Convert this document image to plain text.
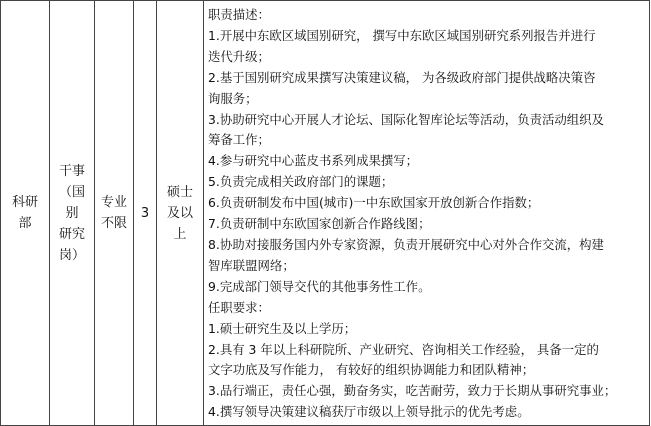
科研
部

干事
（国别
研究
岗）

专业
不限

3

硕士
及以
上

职责描述：
1.开展中东欧区域国别研究， 撰写中东欧区域国别研究系列报告并进行
迭代升级；
2.基于国别研究成果撰写决策建议稿， 为各级政府部门提供战略决策咨
询服务；
3.协助研究中心开展人才论坛、国际化智库论坛等活动，负责活动组织及
筹备工作；
4.参与研究中心蓝皮书系列成果撰写；
5.负责完成相关政府部门的课题；
6.负责研制发布中国(城市)一中东欧国家开放创新合作指数；
7.负责研制中东欧国家创新合作路线图；
8.协助对接服务国内外专家资源，负责开展研究中心对外合作交流，构建
智库联盟网络；
9.完成部门领导交代的其他事务性工作。
任职要求：
1.硕士研究生及以上学历；
2.具有 3 年以上科研院所、产业研究、咨询相关工作经验， 具备一定的
文字功底及写作能力， 有较好的组织协调能力和团队精神；
3.品行端正，责任心强，勤奋务实，吃苦耐劳，致力于长期从事研究事业；
4.撰写领导决策建议稿获厅市级以上领导批示的优先考虑。
